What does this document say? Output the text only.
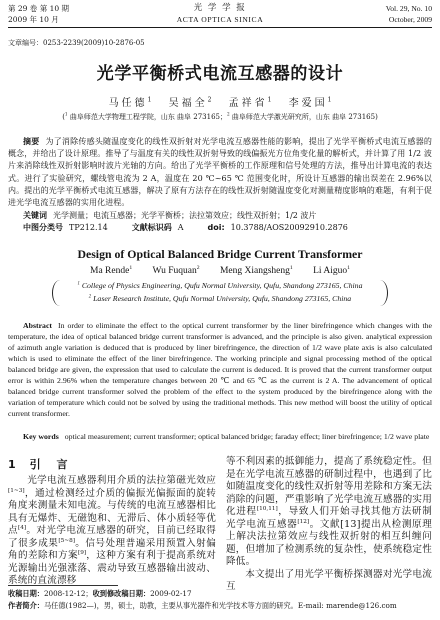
第 29 卷 第 10 期
2009 年 10 月
光 学 学 报
ACTA OPTICA SINICA
Vol. 29, No. 10
October, 2009
文章编号：0253-2239(2009)10-2876-05
光学平衡桥式电流互感器的设计
马任德$^1$ 吴福全$^2$ 孟祥省$^1$ 李爱国$^1$
($^1$ 曲阜师范大学物理工程学院，山东 曲阜 273165；$^2$ 曲阜师范大学激光研究所，山东 曲阜 273165)
摘要 为了消除传感头随温度变化的线性双折射对光学电流互感器性能的影响，提出了光学平衡桥式电流互感器的概念，并给出了设计原理。推导了与温度有关的线性双折射导致的线偏振光方位角变化量的解析式，并计算了用 1/2 波片来消除线性双折射影响时波片光轴的方向。给出了光学平衡桥的工作原理和信号处理的方法，推导出计算电流的表达式。进行了实验研究，螺线管电流为 2 A，温度在 20 ℃~65 ℃ 范围变化时，所设计互感器的输出误差在 2.96%以内。提出的光学平衡桥式电流互感器，解决了原有方法存在的线性双折射随温度变化对测量精度影响的难题，有利于促进光学电流互感器的实用化进程。
关键词 光学测量；电流互感器；光学平衡桥；法拉第效应；线性双折射；1/2 波片
中图分类号 TP212.14	文献标识码 A	doi: 10.3788/AOS20092910.2876
Design of Optical Balanced Bridge Current Transformer
Ma Rende$^1$ Wu Fuquan$^2$ Meng Xiangsheng$^1$ Li Aiguo$^1$
$^1$ College of Physics Engineering, Qufu Normal University, Qufu, Shandong 273165, China
$^2$ Laser Research Institute, Qufu Normal University, Qufu, Shandong 273165, China
Abstract In order to eliminate the effect to the optical current transformer by the liner birefringence which changes with the temperature, the idea of optical balanced bridge current transformer is advanced, and the principle is also given. analytical expression of azimuth angle variation is deduced that is produced by liner birefringence, the direction of 1/2 wave plate axis is also calculated which is used to eliminate the effect of the liner birefringence. The working principle and signal processing method of the optical balanced bridge are given, the expression that used to calculate the current is deduced. It is proved that the current transformer output error is within 2.96% when the temperature changes between 20 ℃ and 65 ℃ as the current is 2 A. The advancement of optical balanced bridge current transformer solved the problem of the effect to the system produced by the birefringence along with the variation of temperature which could not be solved by using the traditional methods. This new method will boost the utility of optical current transformer.
Key words optical measurement; current transformer; optical balanced bridge; faraday effect; liner birefringence; 1/2 wave plate
1 引 言
光学电流互感器利用介质的法拉第磁光效应[1~3]，通过检测经过介质的偏振光偏振面的旋转角度来测量未知电流。与传统的电流互感器相比具有无爆炸、无磁饱和、无滞后、体小质轻等优点[4]。对光学电流互感器的研究，目前已经取得了很多成果[5~8]。信号处理普遍采用预置入射偏角的差除和方案[9]，这种方案有利于提高系统对光源输出光强涨落、震动导致互感器输出波动、系统的直流漂移
等不利因素的抵御能力，提高了系统稳定性。但是在光学电流互感器的研制过程中，也遇到了比如随温度变化的线性双折射等用差除和方案无法消除的问题，严重影响了光学电流互感器的实用化进程[10,11]，导致人们开始寻找其他方法研制光学电流互感器[12]。文献[13]提出从检测原理上解决法拉第效应与线性双折射的相互纠缠问题，但增加了检测系统的复杂性，使系统稳定性降低。
本文提出了用光学平衡桥探测器对光学电流互
收稿日期：2008-12-12；收到修改稿日期：2009-02-17
作者简介：马任德(1982—)，男，硕士，助教，主要从事光器件和光学技术等方面的研究。E-mail: marende@126.com
